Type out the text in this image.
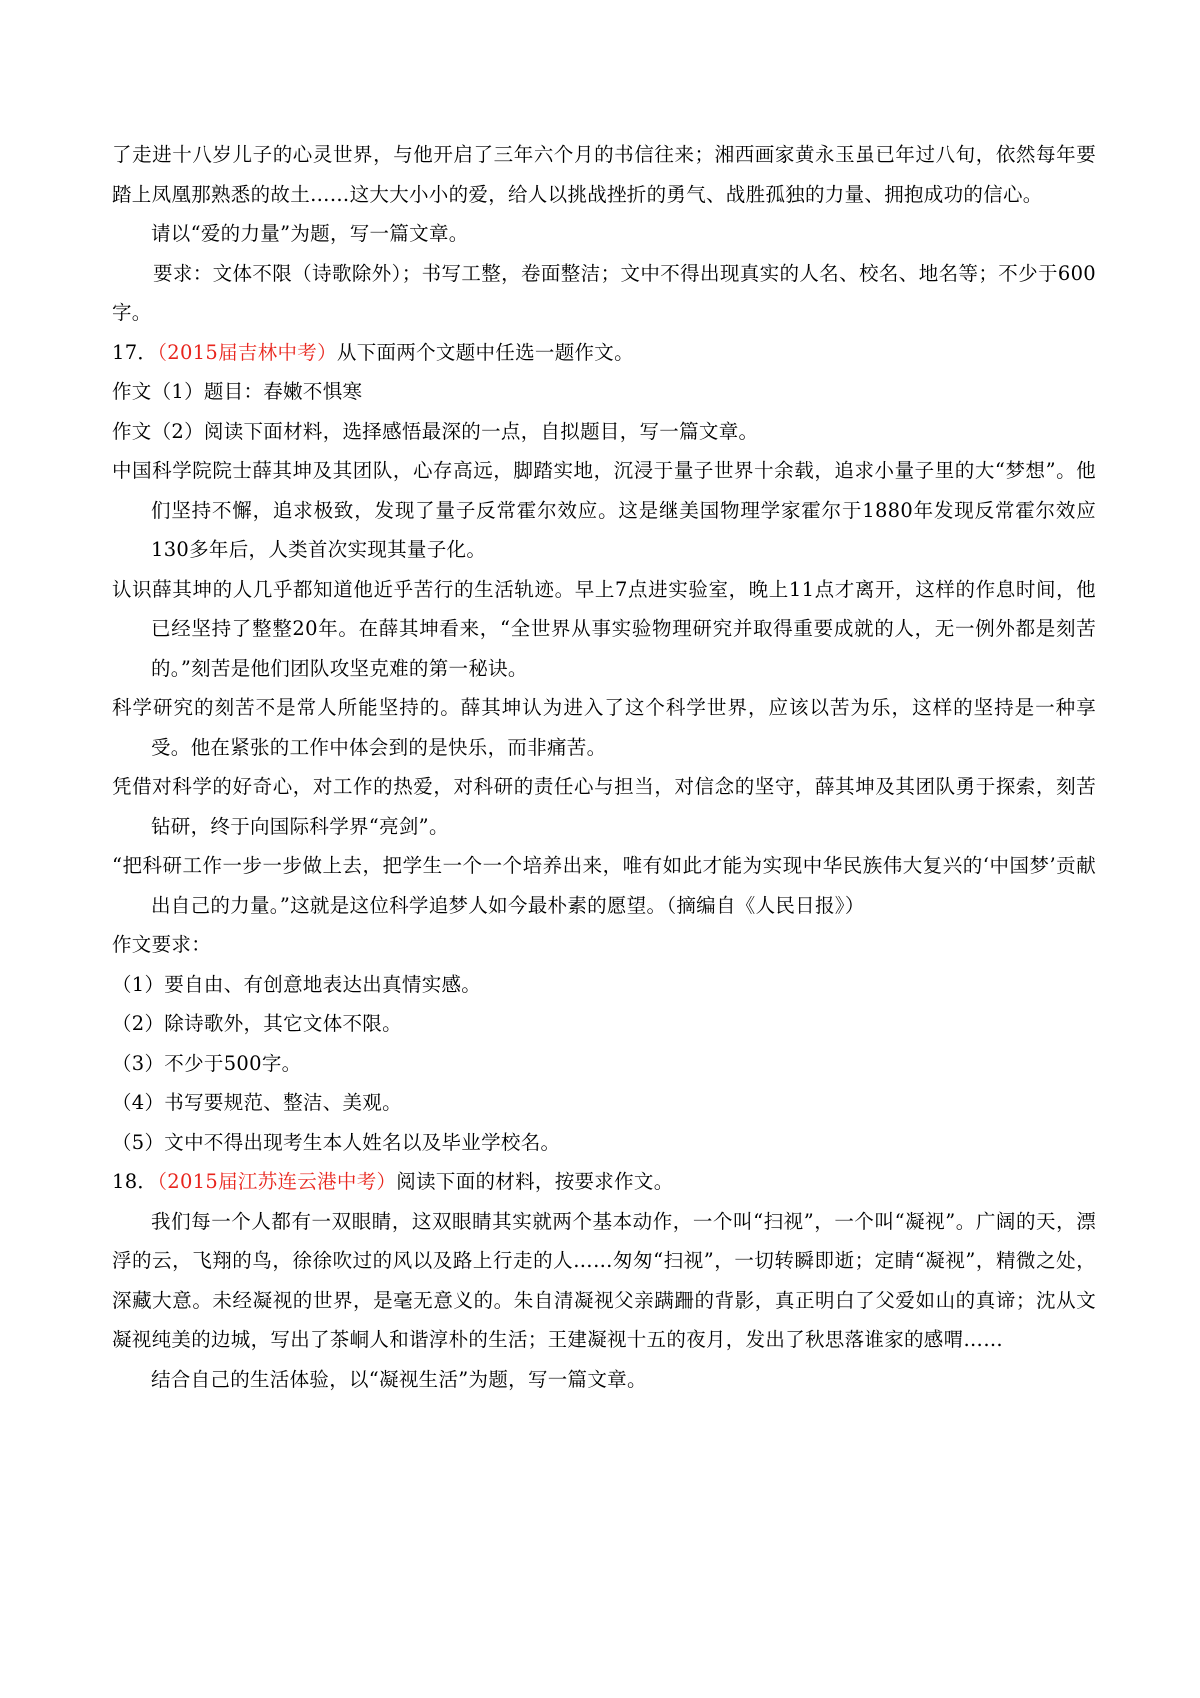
了走进十八岁儿子的心灵世界，与他开启了三年六个月的书信往来；湘西画家黄永玉虽已年过八旬，依然每年要踏上凤凰那熟悉的故土……这大大小小的爱，给人以挑战挫折的勇气、战胜孤独的力量、拥抱成功的信心。

请以“爱的力量”为题，写一篇文章。

要求：文体不限（诗歌除外）；书写工整，卷面整洁；文中不得出现真实的人名、校名、地名等；不少于600字。

17．（2015届吉林中考）从下面两个文题中任选一题作文。

作文（1）题目：春嫩不惧寒

作文（2）阅读下面材料，选择感悟最深的一点，自拟题目，写一篇文章。

中国科学院院士薛其坤及其团队，心存高远，脚踏实地，沉浸于量子世界十余载，追求小量子里的大“梦想”。他们坚持不懈，追求极致，发现了量子反常霍尔效应。这是继美国物理学家霍尔于1880年发现反常霍尔效应130多年后，人类首次实现其量子化。

认识薛其坤的人几乎都知道他近乎苦行的生活轨迹。早上7点进实验室，晚上11点才离开，这样的作息时间，他已经坚持了整整20年。在薛其坤看来，“全世界从事实验物理研究并取得重要成就的人，无一例外都是刻苦的。”刻苦是他们团队攻坚克难的第一秘诀。

科学研究的刻苦不是常人所能坚持的。薛其坤认为进入了这个科学世界，应该以苦为乐，这样的坚持是一种享受。他在紧张的工作中体会到的是快乐，而非痛苦。

凭借对科学的好奇心，对工作的热爱，对科研的责任心与担当，对信念的坚守，薛其坤及其团队勇于探索，刻苦钻研，终于向国际科学界“亮剑”。

“把科研工作一步一步做上去，把学生一个一个培养出来，唯有如此才能为实现中华民族伟大复兴的‘中国梦’贡献出自己的力量。”这就是这位科学追梦人如今最朴素的愿望。（摘编自《人民日报》）

作文要求：

（1）要自由、有创意地表达出真情实感。

（2）除诗歌外，其它文体不限。

（3）不少于500字。

（4）书写要规范、整洁、美观。

（5）文中不得出现考生本人姓名以及毕业学校名。

18．（2015届江苏连云港中考）阅读下面的材料，按要求作文。

我们每一个人都有一双眼睛，这双眼睛其实就两个基本动作，一个叫“扫视”，一个叫“凝视”。广阔的天，漂浮的云，飞翔的鸟，徐徐吹过的风以及路上行走的人……匆匆“扫视”，一切转瞬即逝；定睛“凝视”，精微之处，深藏大意。未经凝视的世界，是毫无意义的。朱自清凝视父亲蹒跚的背影，真正明白了父爱如山的真谛；沈从文凝视纯美的边城，写出了茶峒人和谐淳朴的生活；王建凝视十五的夜月，发出了秋思落谁家的感喟……

结合自己的生活体验，以“凝视生活”为题，写一篇文章。
